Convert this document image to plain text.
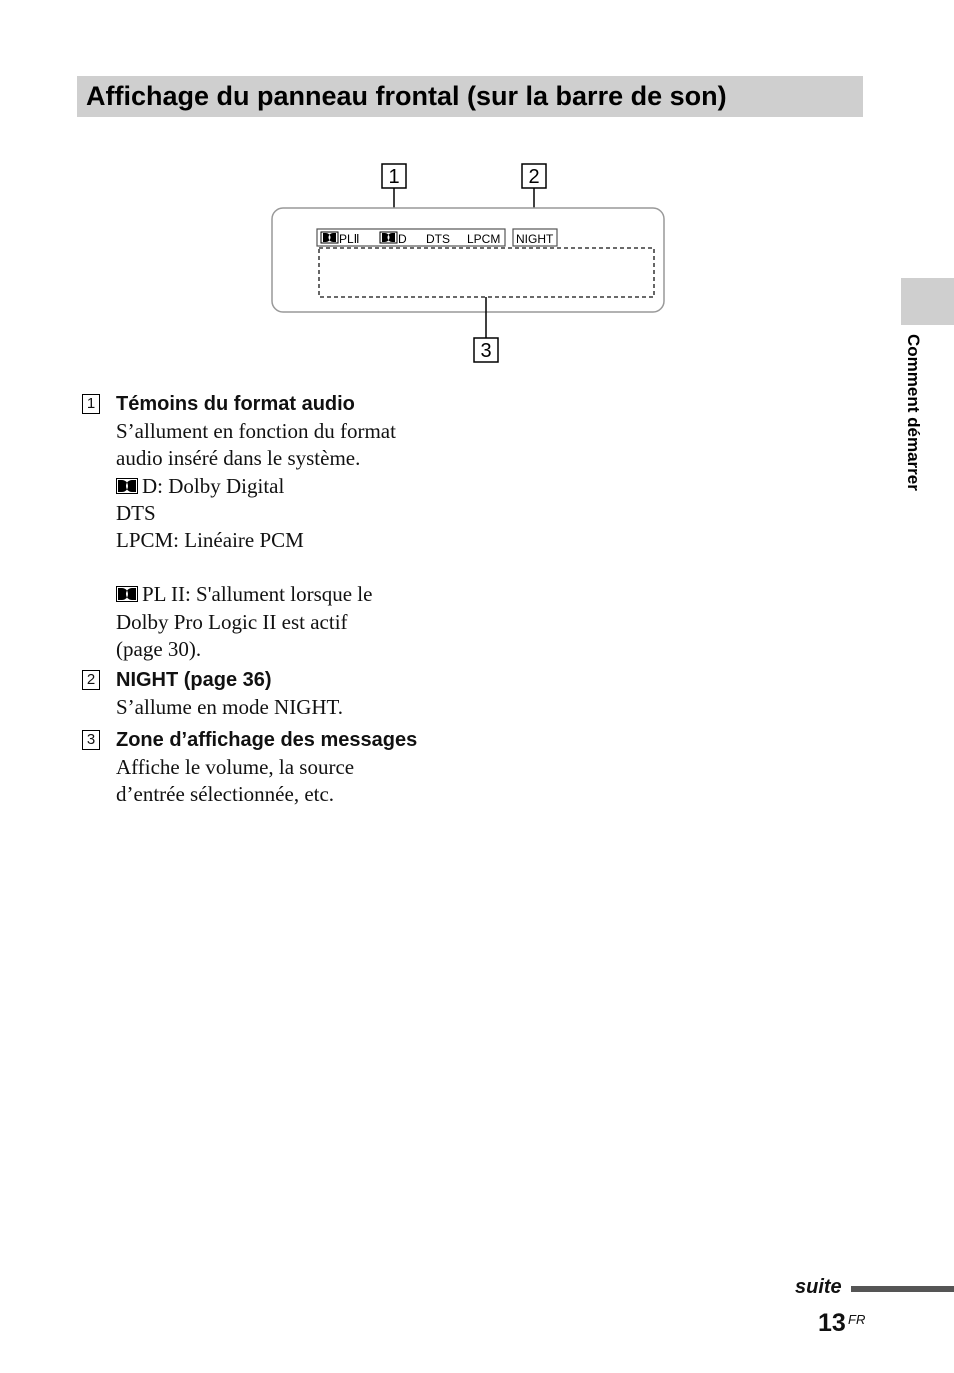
Affichage du panneau frontal (sur la barre de son)
1	2
PLⅡ	D DTS LPCM NIGHT
3	Comment démarrer
1 Témoins du format audio

S’allument en fonction du format

audio inséré dans le système.

D: Dolby Digital

DTS

LPCM: Linéaire PCM

PL II: S'allument lorsque le

Dolby Pro Logic II est actif

(page 30).

2 NIGHT (page 36)

S’allume en mode NIGHT.

3 Zone d’affichage des messages

Affiche le volume, la source

d’entrée sélectionnée, etc.

suite
13 FR
